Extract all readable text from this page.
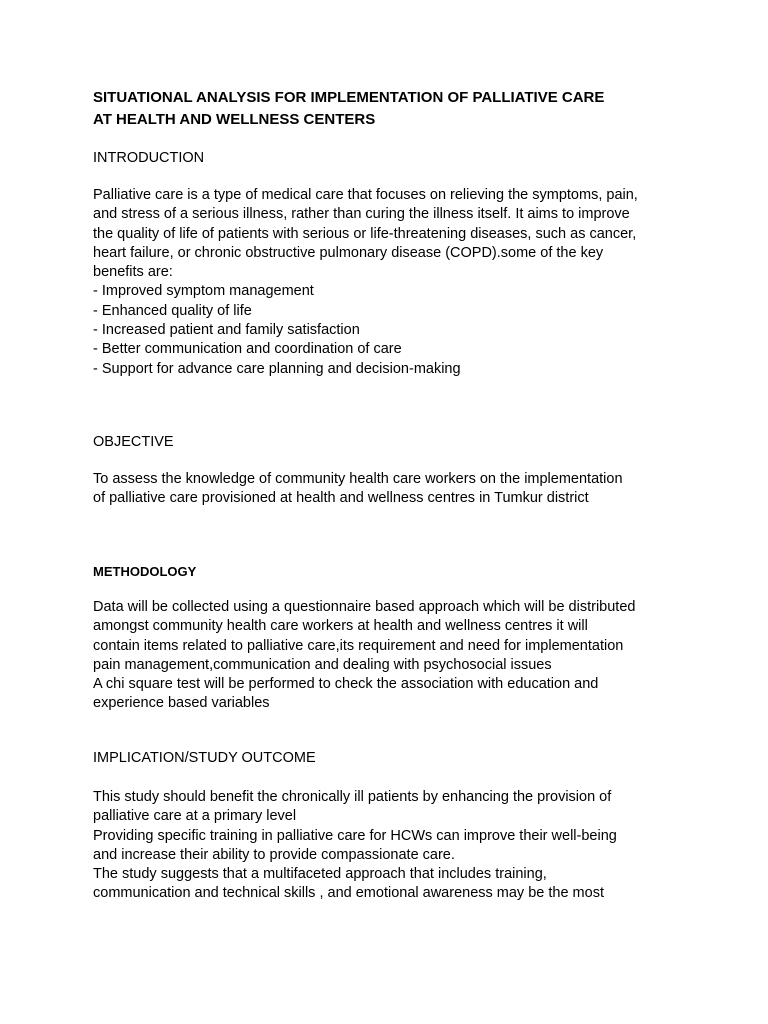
SITUATIONAL ANALYSIS FOR IMPLEMENTATION OF PALLIATIVE CARE
AT HEALTH AND WELLNESS CENTERS
INTRODUCTION
Palliative care is a type of medical care that focuses on relieving the symptoms, pain,
and stress of a serious illness, rather than curing the illness itself. It aims to improve
the quality of life of patients with serious or life-threatening diseases, such as cancer,
heart failure, or chronic obstructive pulmonary disease (COPD).some of the key
benefits are:
- Improved symptom management
- Enhanced quality of life
- Increased patient and family satisfaction
- Better communication and coordination of care
- Support for advance care planning and decision-making
OBJECTIVE
To assess the knowledge of community health care workers on the implementation
of palliative care provisioned at health and wellness centres in Tumkur district
METHODOLOGY
Data will be collected using a questionnaire based approach which will be distributed
amongst community health care workers at health and wellness centres it will
contain items related to palliative care,its requirement and need for implementation
pain management,communication and dealing with psychosocial issues
A chi square test will be performed to check the association with education and
experience based variables
IMPLICATION/STUDY OUTCOME
This study should benefit the chronically ill patients by enhancing the provision of
palliative care at a primary level
Providing specific training in palliative care for HCWs can improve their well-being
and increase their ability to provide compassionate care.
The study suggests that a multifaceted approach that includes training,
communication and technical skills , and emotional awareness may be the most
